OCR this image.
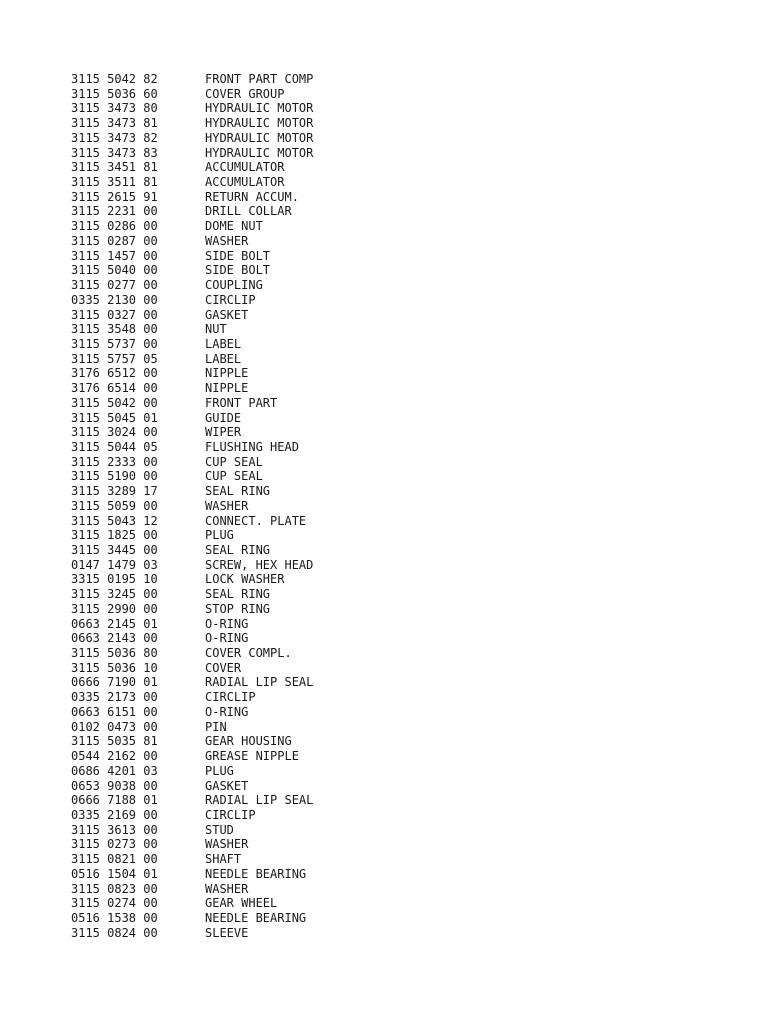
3115 5042 82	FRONT PART COMP
3115 5036 60	COVER GROUP
3115 3473 80	HYDRAULIC MOTOR
3115 3473 81	HYDRAULIC MOTOR
3115 3473 82	HYDRAULIC MOTOR
3115 3473 83	HYDRAULIC MOTOR
3115 3451 81	ACCUMULATOR
3115 3511 81	ACCUMULATOR
3115 2615 91	RETURN ACCUM.
3115 2231 00	DRILL COLLAR
3115 0286 00	DOME NUT
3115 0287 00	WASHER
3115 1457 00	SIDE BOLT
3115 5040 00	SIDE BOLT
3115 0277 00	COUPLING
0335 2130 00	CIRCLIP
3115 0327 00	GASKET
3115 3548 00	NUT
3115 5737 00	LABEL
3115 5757 05	LABEL
3176 6512 00	NIPPLE
3176 6514 00	NIPPLE
3115 5042 00	FRONT PART
3115 5045 01	GUIDE
3115 3024 00	WIPER
3115 5044 05	FLUSHING HEAD
3115 2333 00	CUP SEAL
3115 5190 00	CUP SEAL
3115 3289 17	SEAL RING
3115 5059 00	WASHER
3115 5043 12	CONNECT. PLATE
3115 1825 00	PLUG
3115 3445 00	SEAL RING
0147 1479 03	SCREW, HEX HEAD
3315 0195 10	LOCK WASHER
3115 3245 00	SEAL RING
3115 2990 00	STOP RING
0663 2145 01	O-RING
0663 2143 00	O-RING
3115 5036 80	COVER COMPL.
3115 5036 10	COVER
0666 7190 01	RADIAL LIP SEAL
0335 2173 00	CIRCLIP
0663 6151 00	O-RING
0102 0473 00	PIN
3115 5035 81	GEAR HOUSING
0544 2162 00	GREASE NIPPLE
0686 4201 03	PLUG
0653 9038 00	GASKET
0666 7188 01	RADIAL LIP SEAL
0335 2169 00	CIRCLIP
3115 3613 00	STUD
3115 0273 00	WASHER
3115 0821 00	SHAFT
0516 1504 01	NEEDLE BEARING
3115 0823 00	WASHER
3115 0274 00	GEAR WHEEL
0516 1538 00	NEEDLE BEARING
3115 0824 00	SLEEVE
